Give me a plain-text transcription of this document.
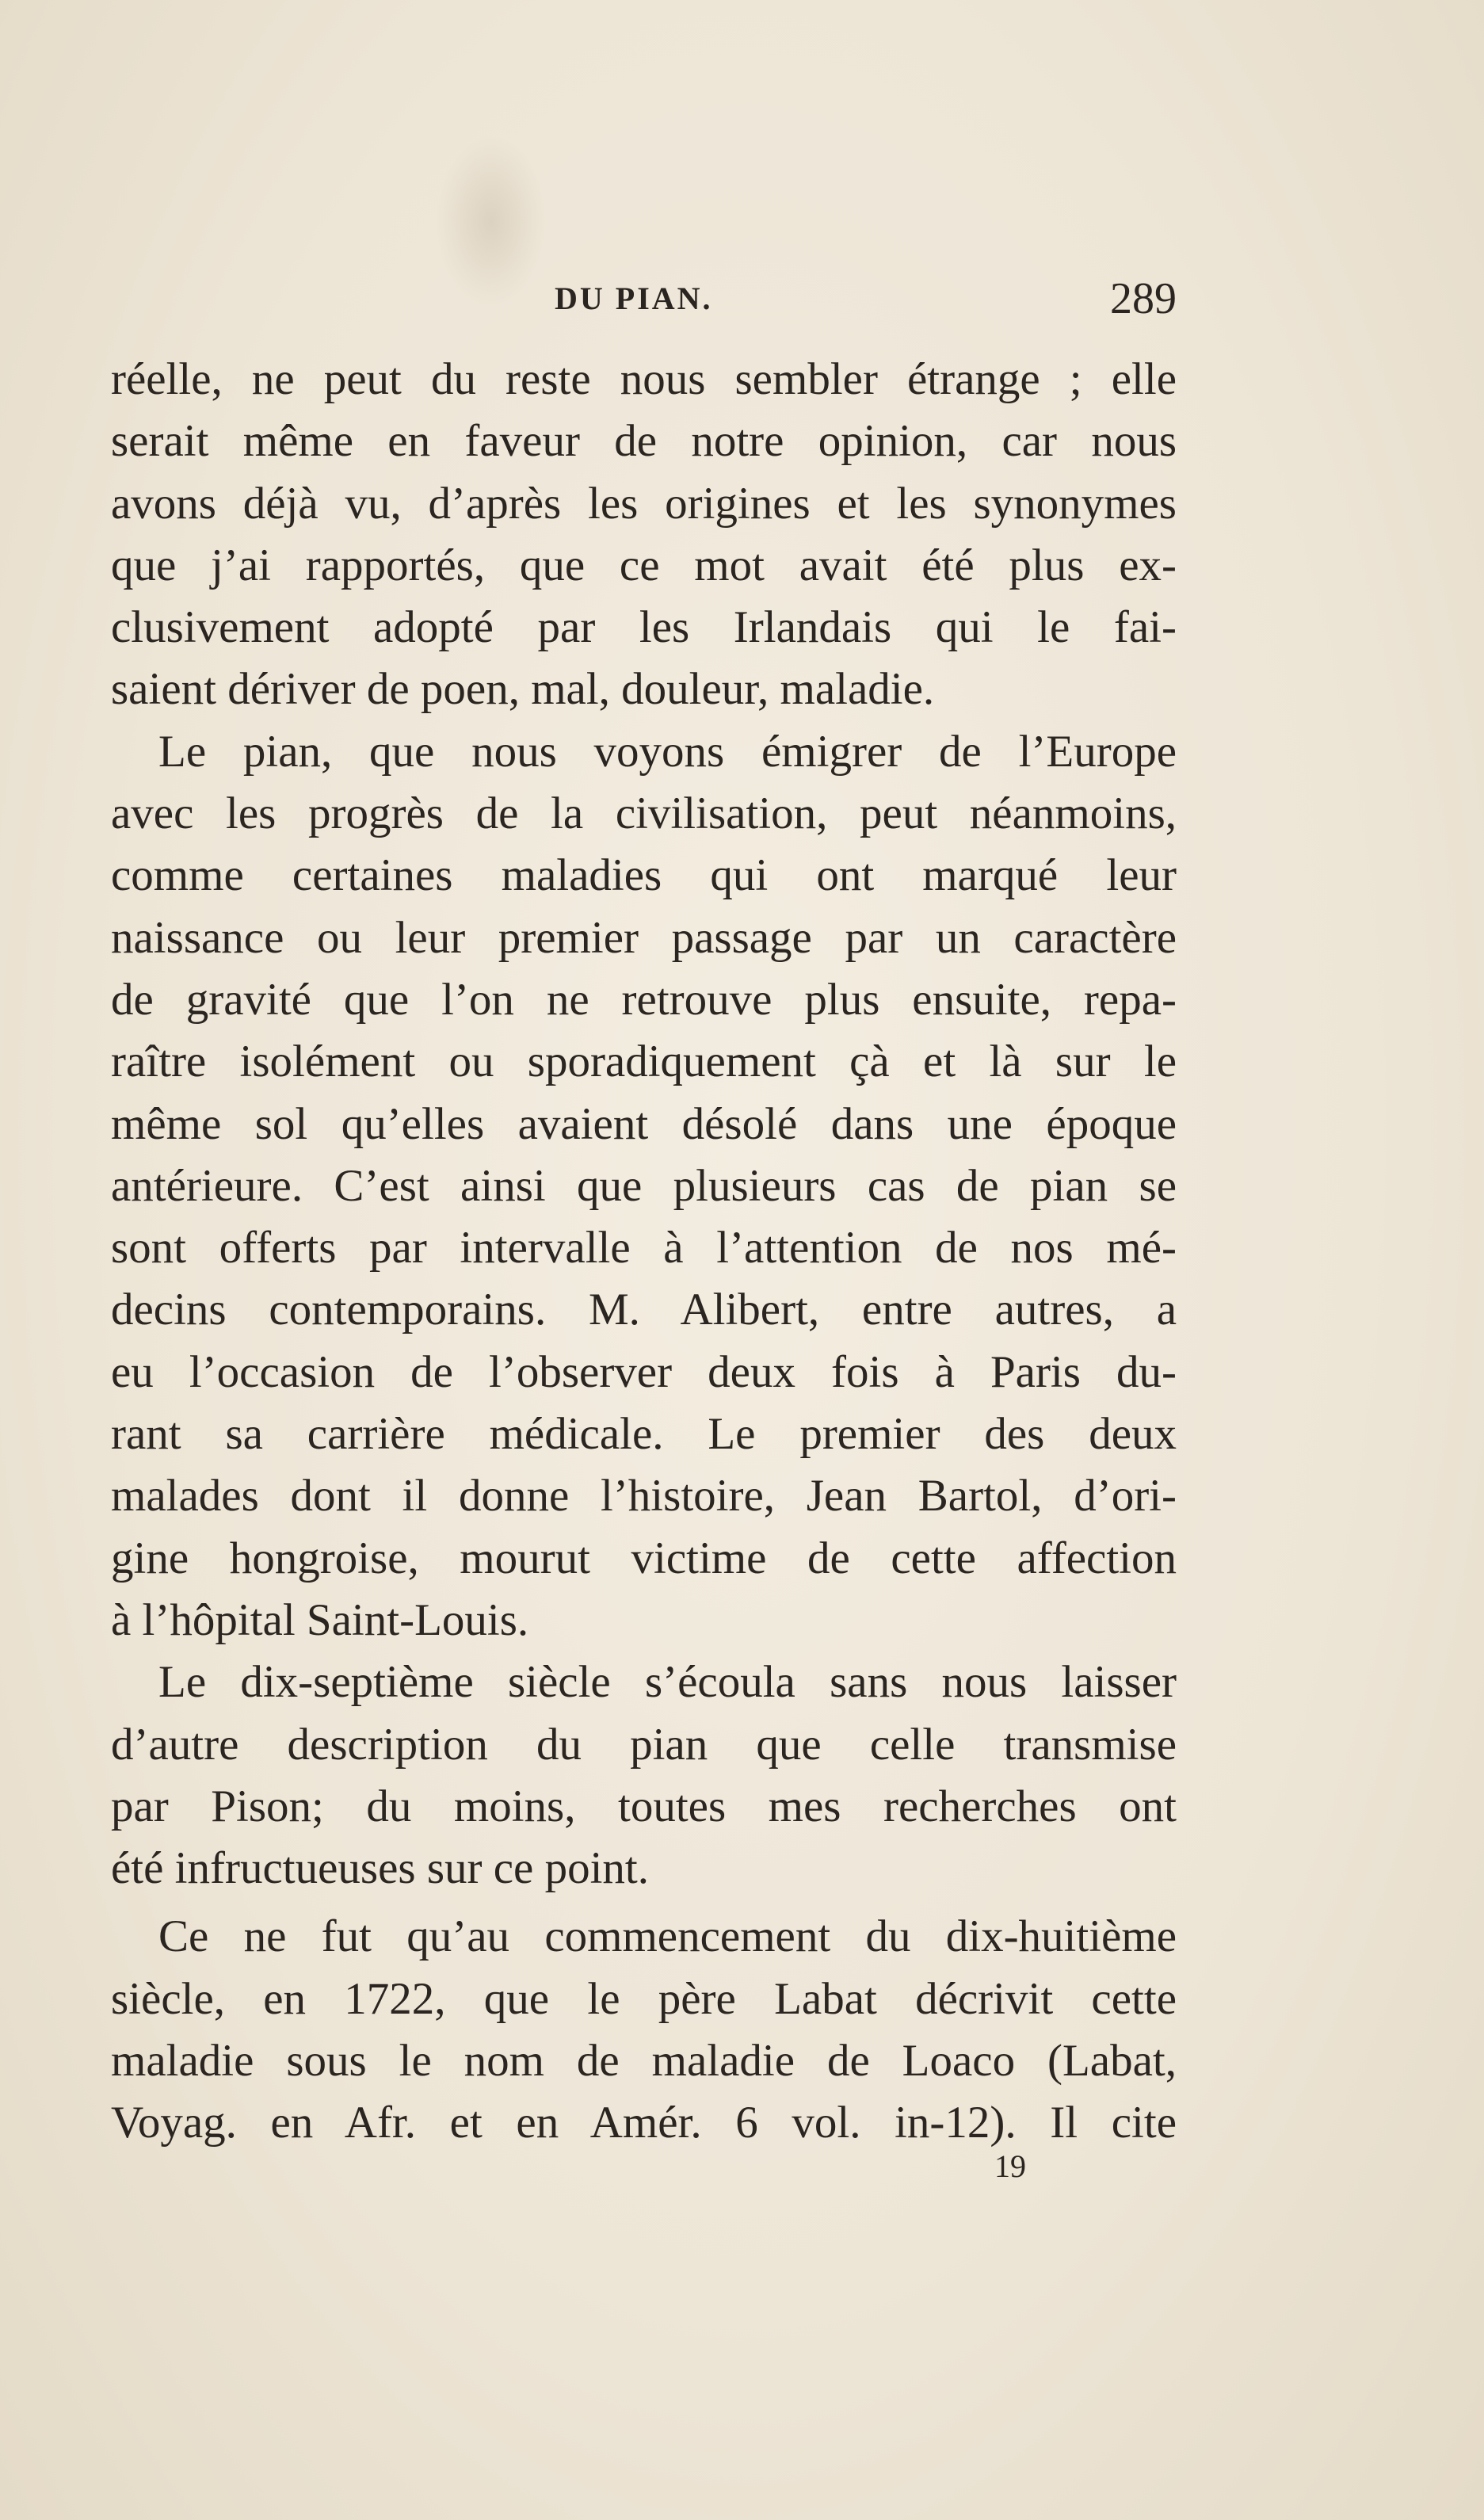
DU PIAN.	289
réelle, ne peut du reste nous sembler étrange ; elle
serait même en faveur de notre opinion, car nous
avons déjà vu, d’après les origines et les synonymes
que j’ai rapportés, que ce mot avait été plus ex-
clusivement adopté par les Irlandais qui le fai-
saient dériver de poen, mal, douleur, maladie.
Le pian, que nous voyons émigrer de l’Europe
avec les progrès de la civilisation, peut néanmoins,
comme certaines maladies qui ont marqué leur
naissance ou leur premier passage par un caractère
de gravité que l’on ne retrouve plus ensuite, repa-
raître isolément ou sporadiquement çà et là sur le
même sol qu’elles avaient désolé dans une époque
antérieure. C’est ainsi que plusieurs cas de pian se
sont offerts par intervalle à l’attention de nos mé-
decins contemporains. M. Alibert, entre autres, a
eu l’occasion de l’observer deux fois à Paris du-
rant sa carrière médicale. Le premier des deux
malades dont il donne l’histoire, Jean Bartol, d’ori-
gine hongroise, mourut victime de cette affection
à l’hôpital Saint-Louis.
Le dix-septième siècle s’écoula sans nous laisser
d’autre description du pian que celle transmise
par Pison; du moins, toutes mes recherches ont
été infructueuses sur ce point.
Ce ne fut qu’au commencement du dix-huitième
siècle, en 1722, que le père Labat décrivit cette
maladie sous le nom de maladie de Loaco (Labat,
Voyag. en Afr. et en Amér. 6 vol. in-12). Il cite
19
